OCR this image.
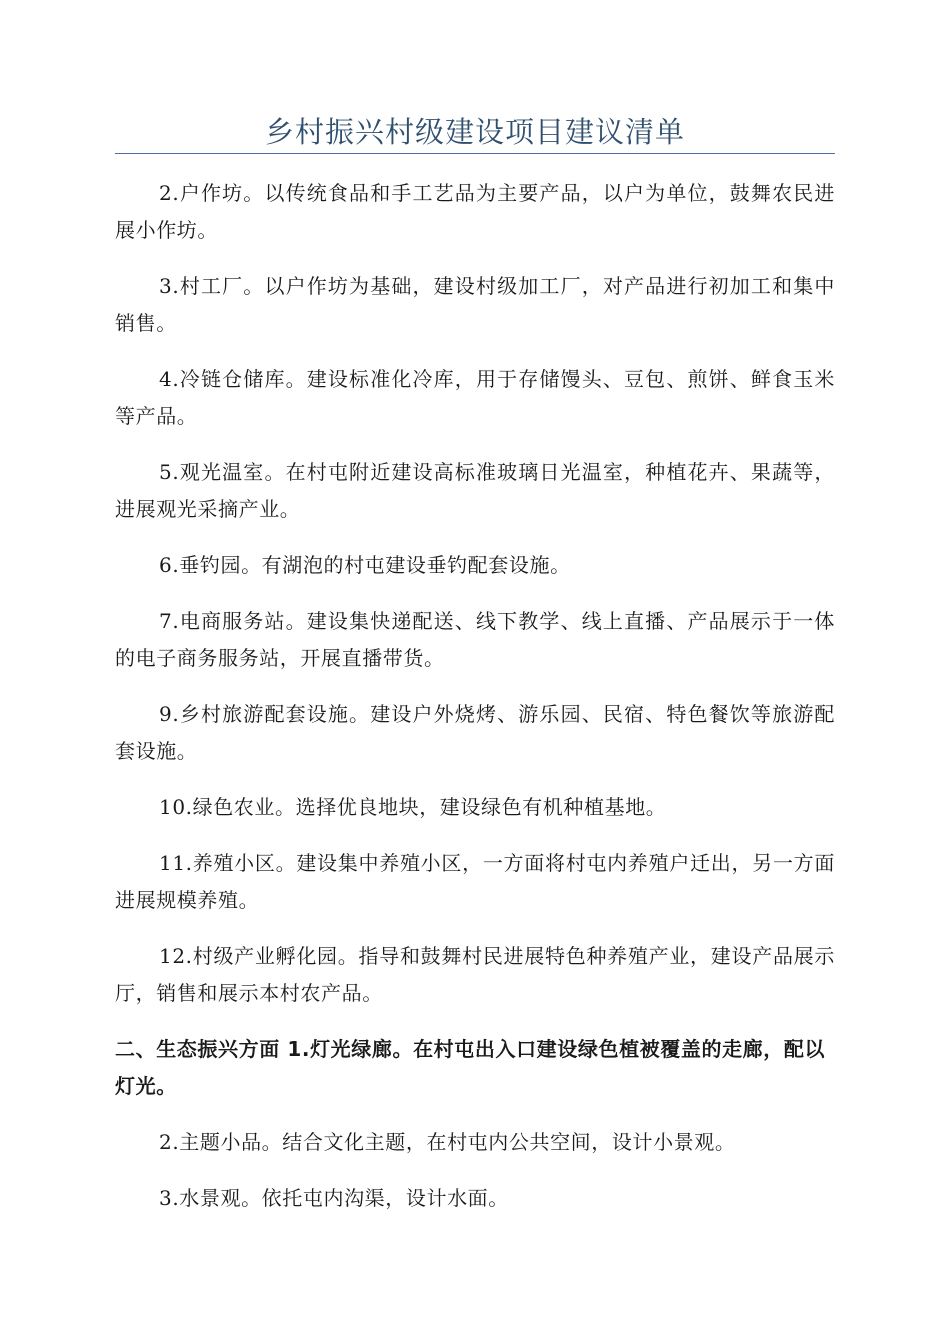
乡村振兴村级建设项目建议清单

2.户作坊。以传统食品和手工艺品为主要产品，以户为单位，鼓舞农民进展小作坊。

3.村工厂。以户作坊为基础，建设村级加工厂，对产品进行初加工和集中销售。

4.冷链仓储库。建设标准化冷库，用于存储馒头、豆包、煎饼、鲜食玉米等产品。

5.观光温室。在村屯附近建设高标准玻璃日光温室，种植花卉、果蔬等，进展观光采摘产业。

6.垂钓园。有湖泡的村屯建设垂钓配套设施。

7.电商服务站。建设集快递配送、线下教学、线上直播、产品展示于一体的电子商务服务站，开展直播带货。

9.乡村旅游配套设施。建设户外烧烤、游乐园、民宿、特色餐饮等旅游配套设施。

10.绿色农业。选择优良地块，建设绿色有机种植基地。

11.养殖小区。建设集中养殖小区，一方面将村屯内养殖户迁出，另一方面进展规模养殖。

12.村级产业孵化园。指导和鼓舞村民进展特色种养殖产业，建设产品展示厅，销售和展示本村农产品。

二、生态振兴方面 1.灯光绿廊。在村屯出入口建设绿色植被覆盖的走廊，配以灯光。

2.主题小品。结合文化主题，在村屯内公共空间，设计小景观。

3.水景观。依托屯内沟渠，设计水面。
